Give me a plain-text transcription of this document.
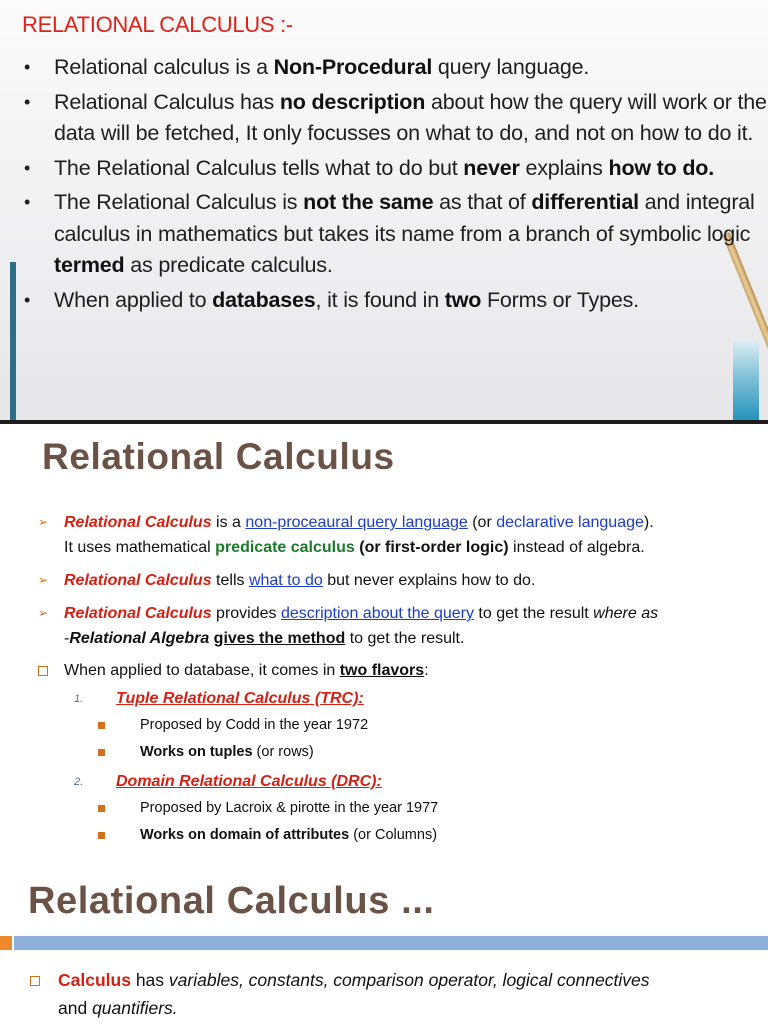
RELATIONAL CALCULUS :-
• Relational calculus is a Non-Procedural query language.
• Relational Calculus has no description about how the query will work or the data will be fetched, It only focusses on what to do, and not on how to do it.
• The Relational Calculus tells what to do but never explains how to do.
• The Relational Calculus is not the same as that of differential and integral calculus in mathematics but takes its name from a branch of symbolic logic termed as predicate calculus.
• When applied to databases, it is found in two Forms or Types.
Relational Calculus
➢ Relational Calculus is a non-proceaural query language (or declarative language).
It uses mathematical predicate calculus (or first-order logic) instead of algebra.
➢ Relational Calculus tells what to do but never explains how to do.
➢ Relational Calculus provides description about the query to get the result where as
-Relational Algebra gives the method to get the result.
When applied to database, it comes in two flavors:
1. Tuple Relational Calculus (TRC):
Proposed by Codd in the year 1972
Works on tuples (or rows)
2. Domain Relational Calculus (DRC):
Proposed by Lacroix & pirotte in the year 1977
Works on domain of attributes (or Columns)
Relational Calculus ...
Calculus has variables, constants, comparison operator, logical connectives
and quantifiers.
